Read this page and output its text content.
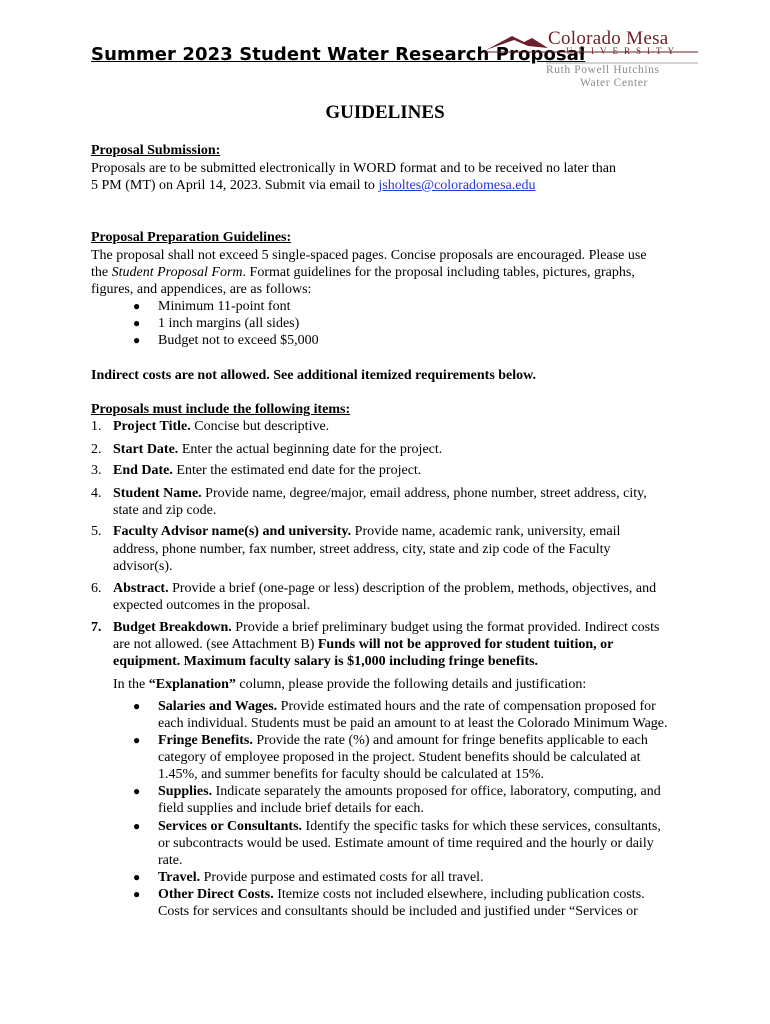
Summer 2023 Student Water Research Proposal
Colorado Mesa
UNIVERSITY
Ruth Powell Hutchins
Water Center
GUIDELINES
Proposal Submission:
Proposals are to be submitted electronically in WORD format and to be received no later than
5 PM (MT) on April 14, 2023. Submit via email to jsholtes@coloradomesa.edu
Proposal Preparation Guidelines:
The proposal shall not exceed 5 single-spaced pages. Concise proposals are encouraged. Please use
the Student Proposal Form. Format guidelines for the proposal including tables, pictures, graphs,
figures, and appendices, are as follows:
● Minimum 11-point font
● 1 inch margins (all sides)
● Budget not to exceed $5,000
Indirect costs are not allowed. See additional itemized requirements below.
Proposals must include the following items:
1. Project Title. Concise but descriptive.
2. Start Date. Enter the actual beginning date for the project.
3. End Date. Enter the estimated end date for the project.
4. Student Name. Provide name, degree/major, email address, phone number, street address, city,
state and zip code.
5. Faculty Advisor name(s) and university. Provide name, academic rank, university, email
address, phone number, fax number, street address, city, state and zip code of the Faculty
advisor(s).
6. Abstract. Provide a brief (one-page or less) description of the problem, methods, objectives, and
expected outcomes in the proposal.
7. Budget Breakdown. Provide a brief preliminary budget using the format provided. Indirect costs
are not allowed. (see Attachment B) Funds will not be approved for student tuition, or
equipment. Maximum faculty salary is $1,000 including fringe benefits.
In the “Explanation” column, please provide the following details and justification:
● Salaries and Wages. Provide estimated hours and the rate of compensation proposed for
each individual. Students must be paid an amount to at least the Colorado Minimum Wage.
● Fringe Benefits. Provide the rate (%) and amount for fringe benefits applicable to each
category of employee proposed in the project. Student benefits should be calculated at
1.45%, and summer benefits for faculty should be calculated at 15%.
● Supplies. Indicate separately the amounts proposed for office, laboratory, computing, and
field supplies and include brief details for each.
● Services or Consultants. Identify the specific tasks for which these services, consultants,
or subcontracts would be used. Estimate amount of time required and the hourly or daily
rate.
● Travel. Provide purpose and estimated costs for all travel.
● Other Direct Costs. Itemize costs not included elsewhere, including publication costs.
Costs for services and consultants should be included and justified under “Services or
